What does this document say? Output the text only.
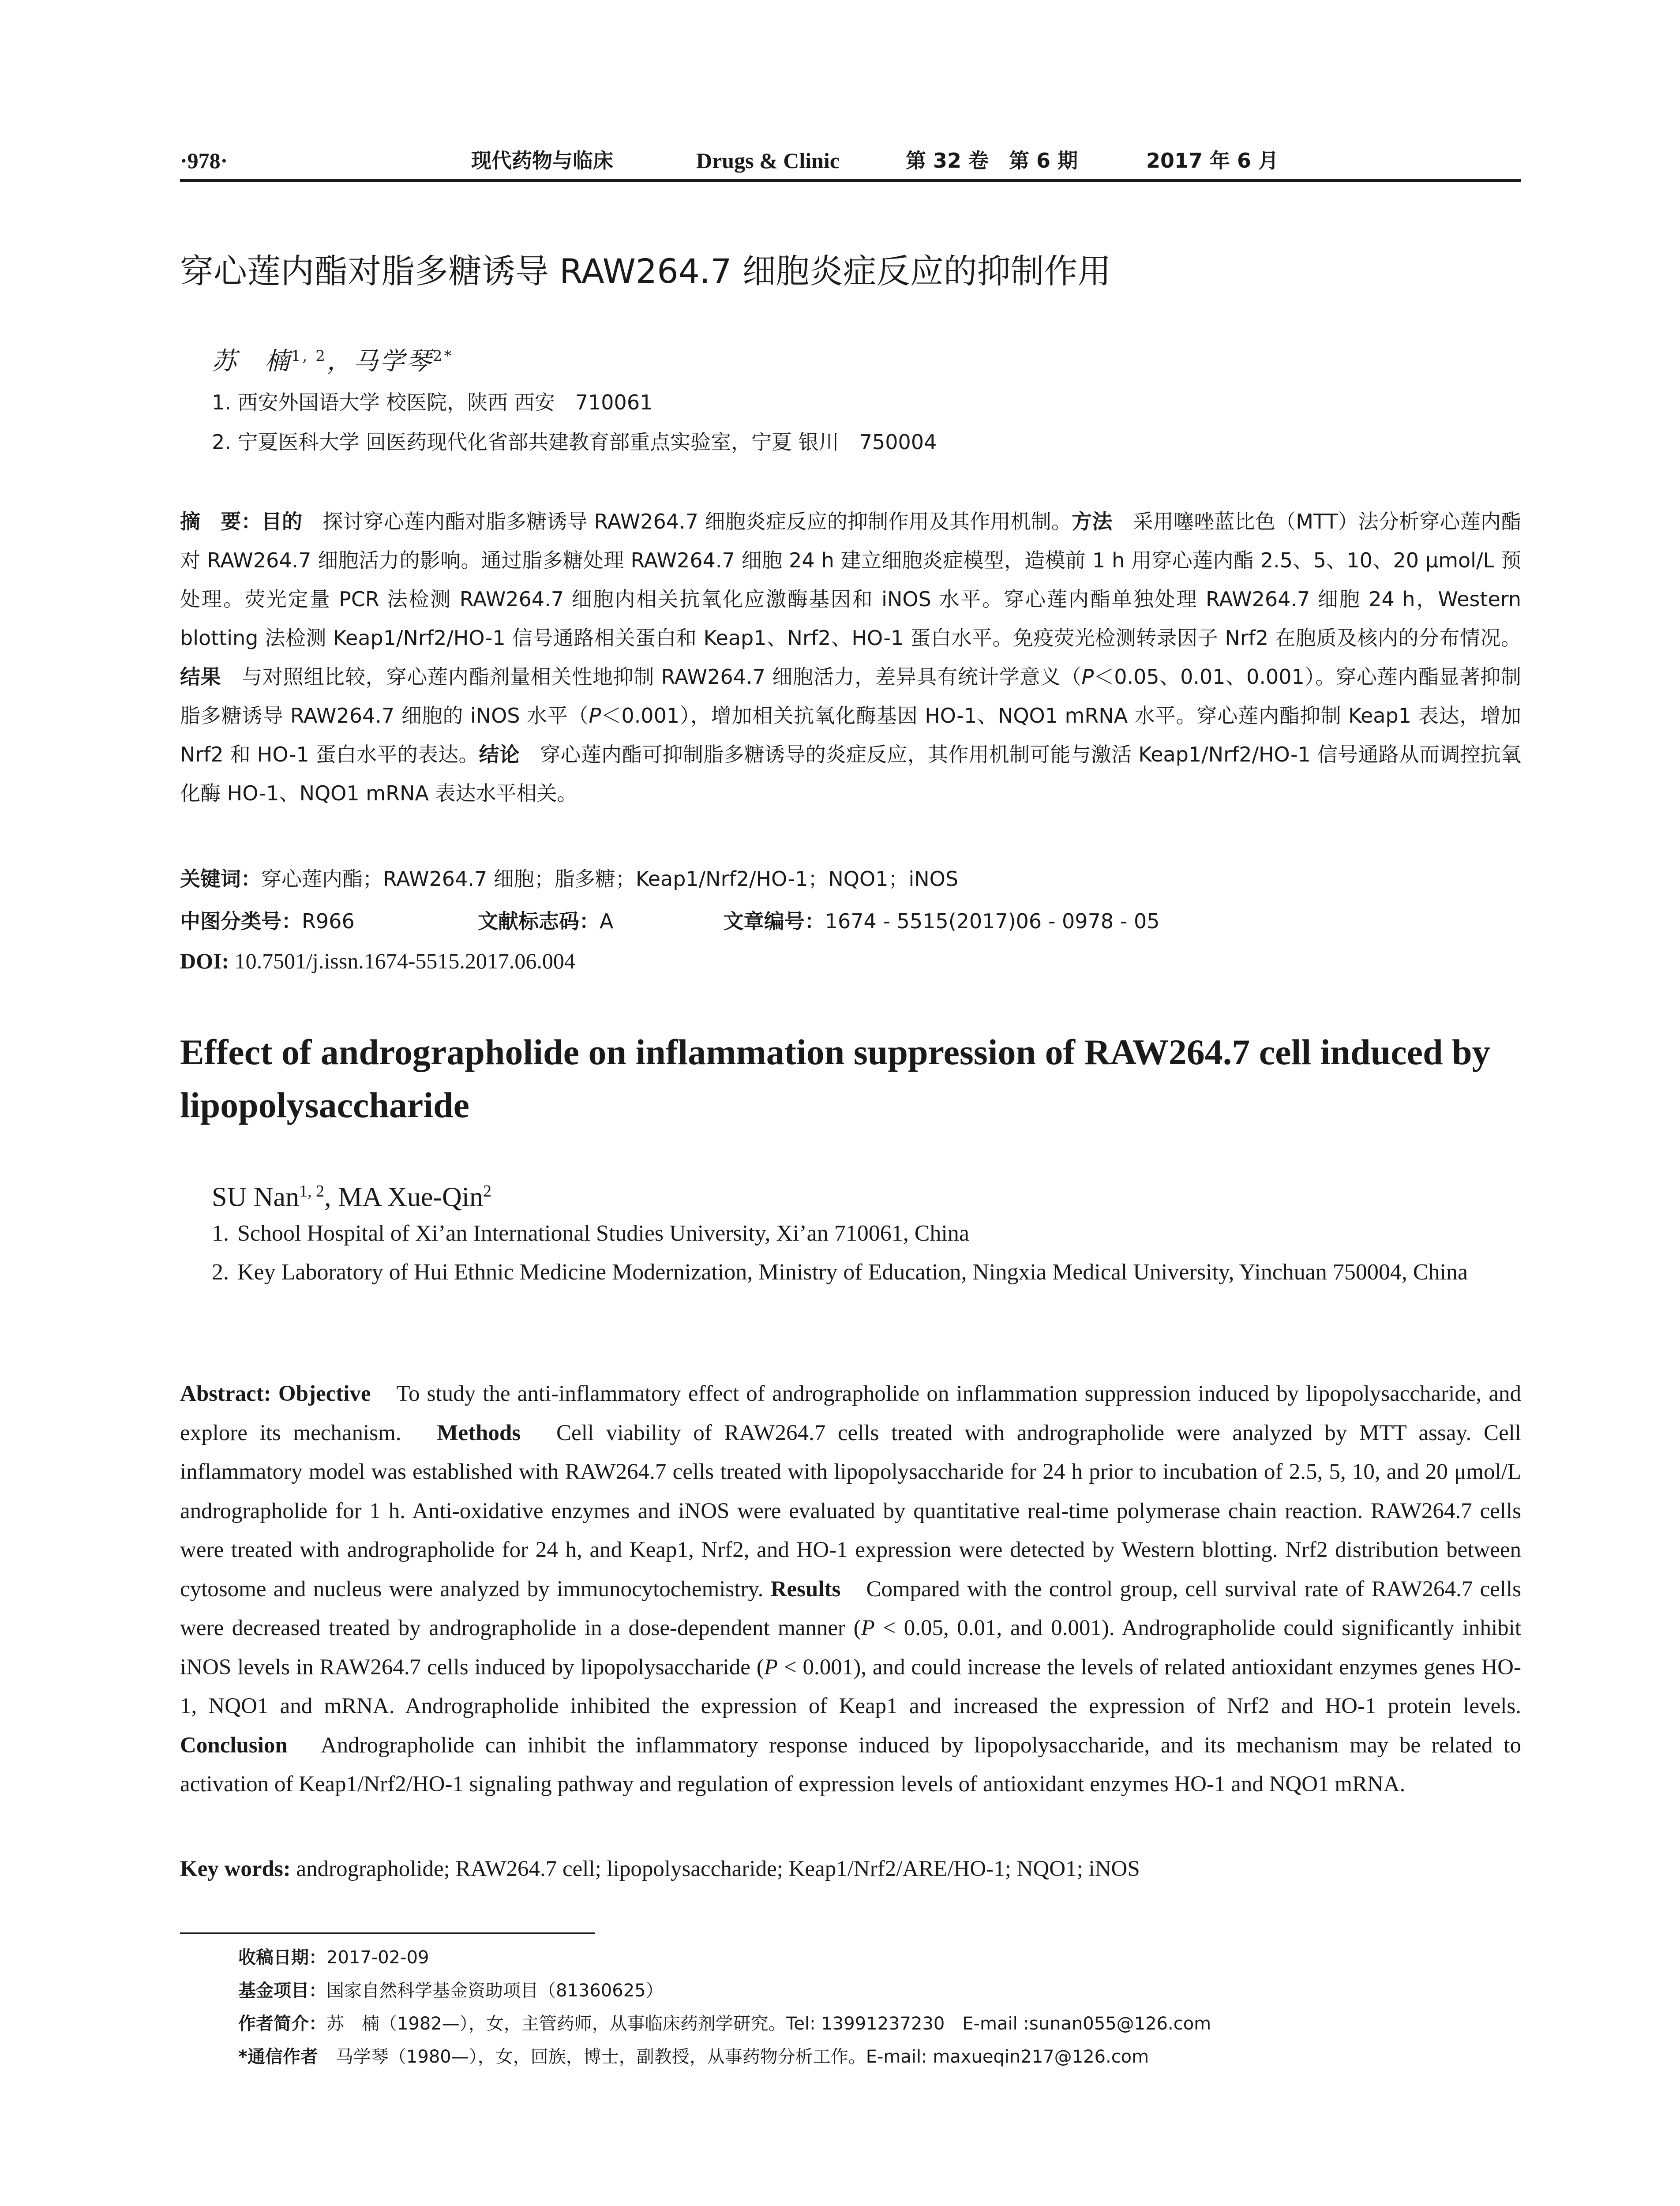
·978·	现代药物与临床	Drugs & Clinic	第 32 卷　第 6 期	2017 年 6 月
穿心莲内酯对脂多糖诱导 RAW264.7 细胞炎症反应的抑制作用
苏　楠$^{1, 2}$，马学琴$^{2*}$
1. 西安外国语大学 校医院，陕西 西安　710061
2. 宁夏医科大学 回医药现代化省部共建教育部重点实验室，宁夏 银川　750004
摘　要：目的　探讨穿心莲内酯对脂多糖诱导 RAW264.7 细胞炎症反应的抑制作用及其作用机制。方法　采用噻唑蓝比色（MTT）法分析穿心莲内酯对 RAW264.7 细胞活力的影响。通过脂多糖处理 RAW264.7 细胞 24 h 建立细胞炎症模型，造模前 1 h 用穿心莲内酯 2.5、5、10、20 μmol/L 预处理。荧光定量 PCR 法检测 RAW264.7 细胞内相关抗氧化应激酶基因和 iNOS 水平。穿心莲内酯单独处理 RAW264.7 细胞 24 h，Western blotting 法检测 Keap1/Nrf2/HO-1 信号通路相关蛋白和 Keap1、Nrf2、HO-1 蛋白水平。免疫荧光检测转录因子 Nrf2 在胞质及核内的分布情况。结果　与对照组比较，穿心莲内酯剂量相关性地抑制 RAW264.7 细胞活力，差异具有统计学意义（P＜0.05、0.01、0.001）。穿心莲内酯显著抑制脂多糖诱导 RAW264.7 细胞的 iNOS 水平（P＜0.001），增加相关抗氧化酶基因 HO-1、NQO1 mRNA 水平。穿心莲内酯抑制 Keap1 表达，增加 Nrf2 和 HO-1 蛋白水平的表达。结论　穿心莲内酯可抑制脂多糖诱导的炎症反应，其作用机制可能与激活 Keap1/Nrf2/HO-1 信号通路从而调控抗氧化酶 HO-1、NQO1 mRNA 表达水平相关。
关键词：穿心莲内酯；RAW264.7 细胞；脂多糖；Keap1/Nrf2/HO-1；NQO1；iNOS
中图分类号：R966	文献标志码：A	文章编号：1674 - 5515(2017)06 - 0978 - 05
DOI: 10.7501/j.issn.1674-5515.2017.06.004
Effect of andrographolide on inflammation suppression of RAW264.7 cell induced by lipopolysaccharide
SU Nan$^{1, 2}$, MA Xue-Qin$^2$
1. School Hospital of Xi’an International Studies University, Xi’an 710061, China
2. Key Laboratory of Hui Ethnic Medicine Modernization, Ministry of Education, Ningxia Medical University, Yinchuan 750004, China
Abstract: Objective　To study the anti-inflammatory effect of andrographolide on inflammation suppression induced by lipopolysaccharide, and explore its mechanism.　Methods　Cell viability of RAW264.7 cells treated with andrographolide were analyzed by MTT assay. Cell inflammatory model was established with RAW264.7 cells treated with lipopolysaccharide for 24 h prior to incubation of 2.5, 5, 10, and 20 μmol/L andrographolide for 1 h. Anti-oxidative enzymes and iNOS were evaluated by quantitative real-time polymerase chain reaction. RAW264.7 cells were treated with andrographolide for 24 h, and Keap1, Nrf2, and HO-1 expression were detected by Western blotting. Nrf2 distribution between cytosome and nucleus were analyzed by immunocytochemistry. Results　Compared with the control group, cell survival rate of RAW264.7 cells were decreased treated by andrographolide in a dose-dependent manner (P < 0.05, 0.01, and 0.001). Andrographolide could significantly inhibit iNOS levels in RAW264.7 cells induced by lipopolysaccharide (P < 0.001), and could increase the levels of related antioxidant enzymes genes HO-1, NQO1 and mRNA. Andrographolide inhibited the expression of Keap1 and increased the expression of Nrf2 and HO-1 protein levels. Conclusion　Andrographolide can inhibit the inflammatory response induced by lipopolysaccharide, and its mechanism may be related to activation of Keap1/Nrf2/HO-1 signaling pathway and regulation of expression levels of antioxidant enzymes HO-1 and NQO1 mRNA.
Key words: andrographolide; RAW264.7 cell; lipopolysaccharide; Keap1/Nrf2/ARE/HO-1; NQO1; iNOS
收稿日期：2017-02-09
基金项目：国家自然科学基金资助项目（81360625）
作者简介：苏　楠（1982—），女，主管药师，从事临床药剂学研究。Tel: 13991237230　E-mail :sunan055@126.com
*通信作者　马学琴（1980—），女，回族，博士，副教授，从事药物分析工作。E-mail: maxueqin217@126.com
